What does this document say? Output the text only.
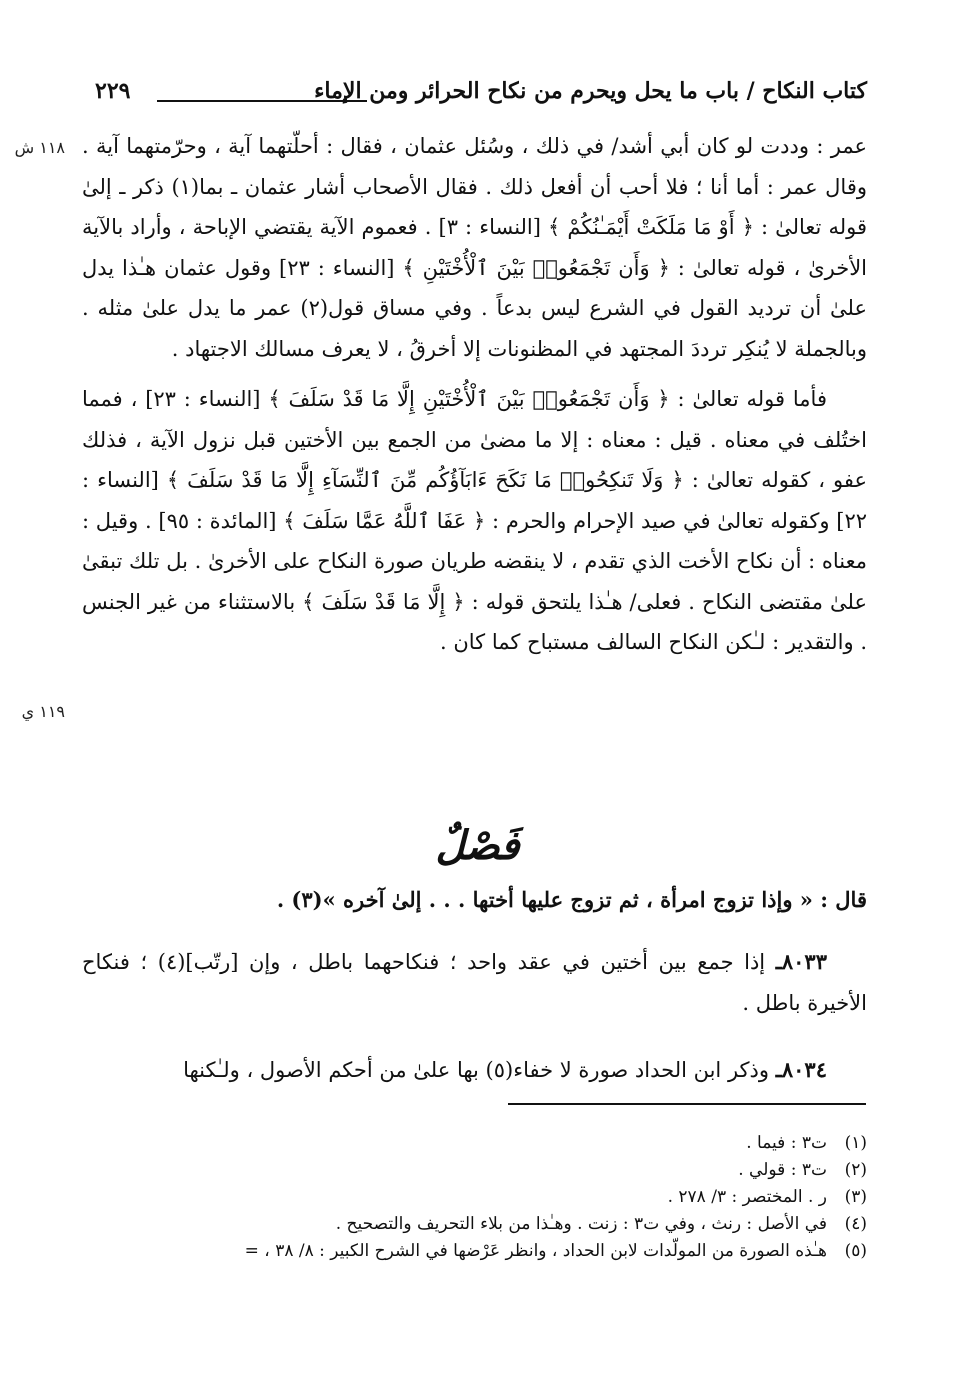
كتاب النكاح / باب ما يحل ويحرم من نكاح الحرائر ومن الإماء
٢٢٩
١١٨ ش
١١٩ ي

عمر : وددت لو كان أبي أشد/ في ذلك ، وسُئل عثمان ، فقال : أحلّتهما آية ، وحرّمتهما آية . وقال عمر : أما أنا ؛ فلا أحب أن أفعل ذلك . فقال الأصحاب أشار عثمان ـ بما(١) ذكر ـ إلىٰ قوله تعالىٰ : ﴿ أَوْ مَا مَلَكَتْ أَيْمَـٰنُكُمْ ﴾ [النساء : ٣] . فعموم الآية يقتضي الإباحة ، وأراد بالآية الأخرىٰ ، قوله تعالىٰ : ﴿ وَأَن تَجْمَعُوا۟ بَيْنَ ٱلْأُخْتَيْنِ ﴾ [النساء : ٢٣] وقول عثمان هـٰذا يدل علىٰ أن ترديد القول في الشرع ليس بدعاً . وفي مساق قول(٢) عمر ما يدل علىٰ مثله . وبالجملة لا يُنكِر ترددَ المجتهد في المظنونات إلا أخرقُ ، لا يعرف مسالك الاجتهاد .

فأما قوله تعالىٰ : ﴿ وَأَن تَجْمَعُوا۟ بَيْنَ ٱلْأُخْتَيْنِ إِلَّا مَا قَدْ سَلَفَ ﴾ [النساء : ٢٣] ، فمما اختُلف في معناه . قيل : معناه : إلا ما مضىٰ من الجمع بين الأختين قبل نزول الآية ، فذلك عفو ، كقوله تعالىٰ : ﴿ وَلَا تَنكِحُوا۟ مَا نَكَحَ ءَابَآؤُكُم مِّنَ ٱلنِّسَآءِ إِلَّا مَا قَدْ سَلَفَ ﴾ [النساء : ٢٢] وكقوله تعالىٰ في صيد الإحرام والحرم : ﴿ عَفَا ٱللَّهُ عَمَّا سَلَفَ ﴾ [المائدة : ٩٥] . وقيل : معناه : أن نكاح الأخت الذي تقدم ، لا ينقضه طريان صورة النكاح على الأخرىٰ . بل تلك تبقىٰ علىٰ مقتضى النكاح . فعلى/ هـٰذا يلتحق قوله : ﴿ إِلَّا مَا قَدْ سَلَفَ ﴾ بالاستثناء من غير الجنس . والتقدير : لـٰكن النكاح السالف مستباح كما كان .

فَصْلٌ
قال : « وإذا تزوج امرأة ، ثم تزوج عليها أختها . . . إلىٰ آخره »(٣) .

٨٠٣٣ـ إذا جمع بين أختين في عقد واحد ؛ فنكاحهما باطل ، وإن [رتّب](٤) ؛ فنكاح الأخيرة باطل .

٨٠٣٤ـ وذكر ابن الحداد صورة لا خفاء(٥) بها علىٰ من أحكم الأصول ، ولـٰكنها

(١)
ت٣ : فيما .
(٢)
ت٣ : قولي .
(٣)
ر . المختصر : ٣/ ٢٧٨ .
(٤)
في الأصل : رنث ، وفي ت٣ : زنت . وهـٰذا من بلاء التحريف والتصحيح .
(٥)
هـٰذه الصورة من المولّدات لابن الحداد ، وانظر عَرْضها في الشرح الكبير : ٨/ ٣٨ ، =
